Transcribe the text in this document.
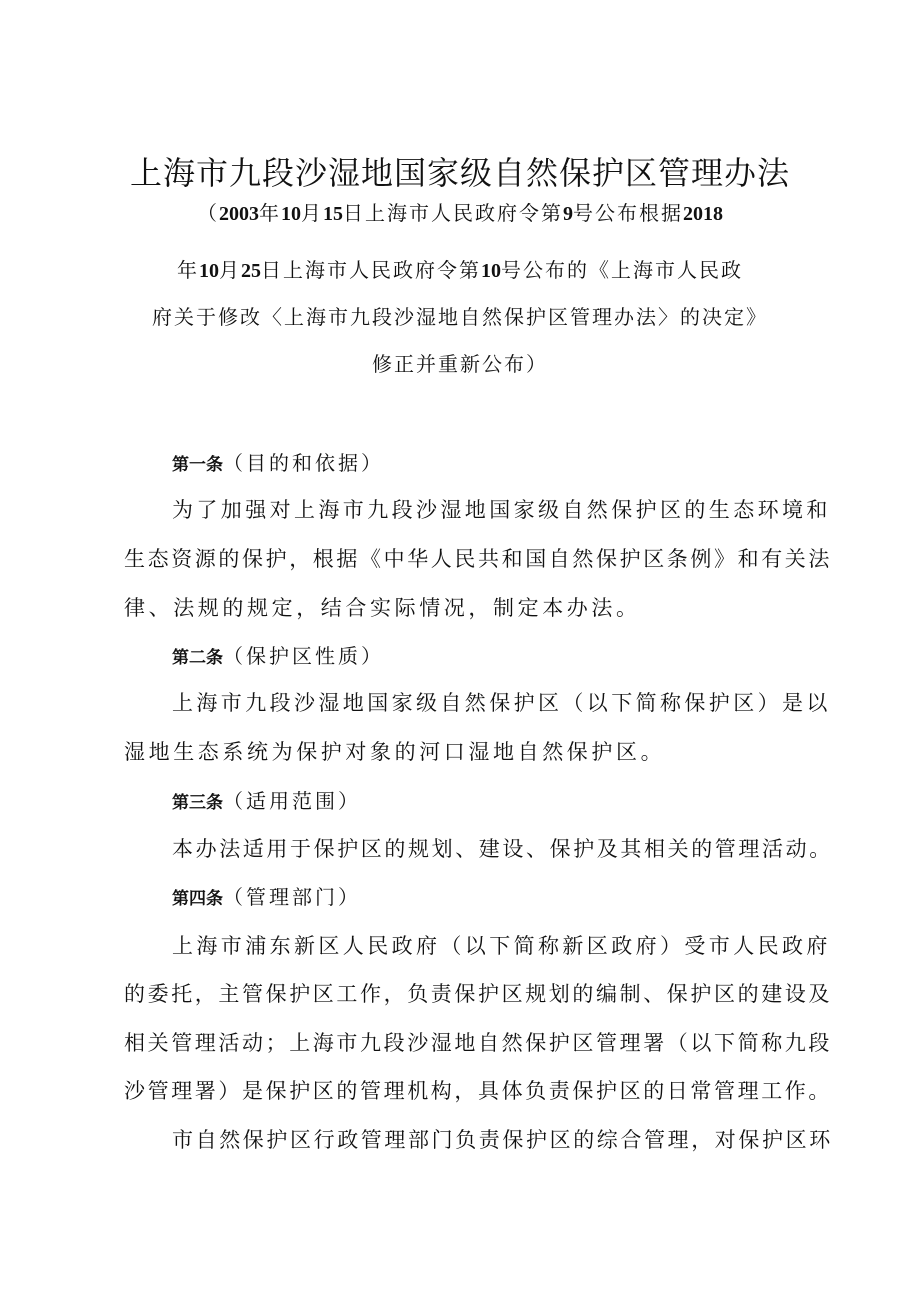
上海市九段沙湿地国家级自然保护区管理办法
（2003年10月15日上海市人民政府令第9号公布根据2018
年10月25日上海市人民政府令第10号公布的《上海市人民政
府关于修改〈上海市九段沙湿地自然保护区管理办法〉的决定》
修正并重新公布）
第一条（目的和依据）
为了加强对上海市九段沙湿地国家级自然保护区的生态环境和
生态资源的保护，根据《中华人民共和国自然保护区条例》和有关法
律、法规的规定，结合实际情况，制定本办法。
第二条（保护区性质）
上海市九段沙湿地国家级自然保护区（以下简称保护区）是以
湿地生态系统为保护对象的河口湿地自然保护区。
第三条（适用范围）
本办法适用于保护区的规划、建设、保护及其相关的管理活动。
第四条（管理部门）
上海市浦东新区人民政府（以下简称新区政府）受市人民政府
的委托，主管保护区工作，负责保护区规划的编制、保护区的建设及
相关管理活动；上海市九段沙湿地自然保护区管理署（以下简称九段
沙管理署）是保护区的管理机构，具体负责保护区的日常管理工作。
市自然保护区行政管理部门负责保护区的综合管理，对保护区环
